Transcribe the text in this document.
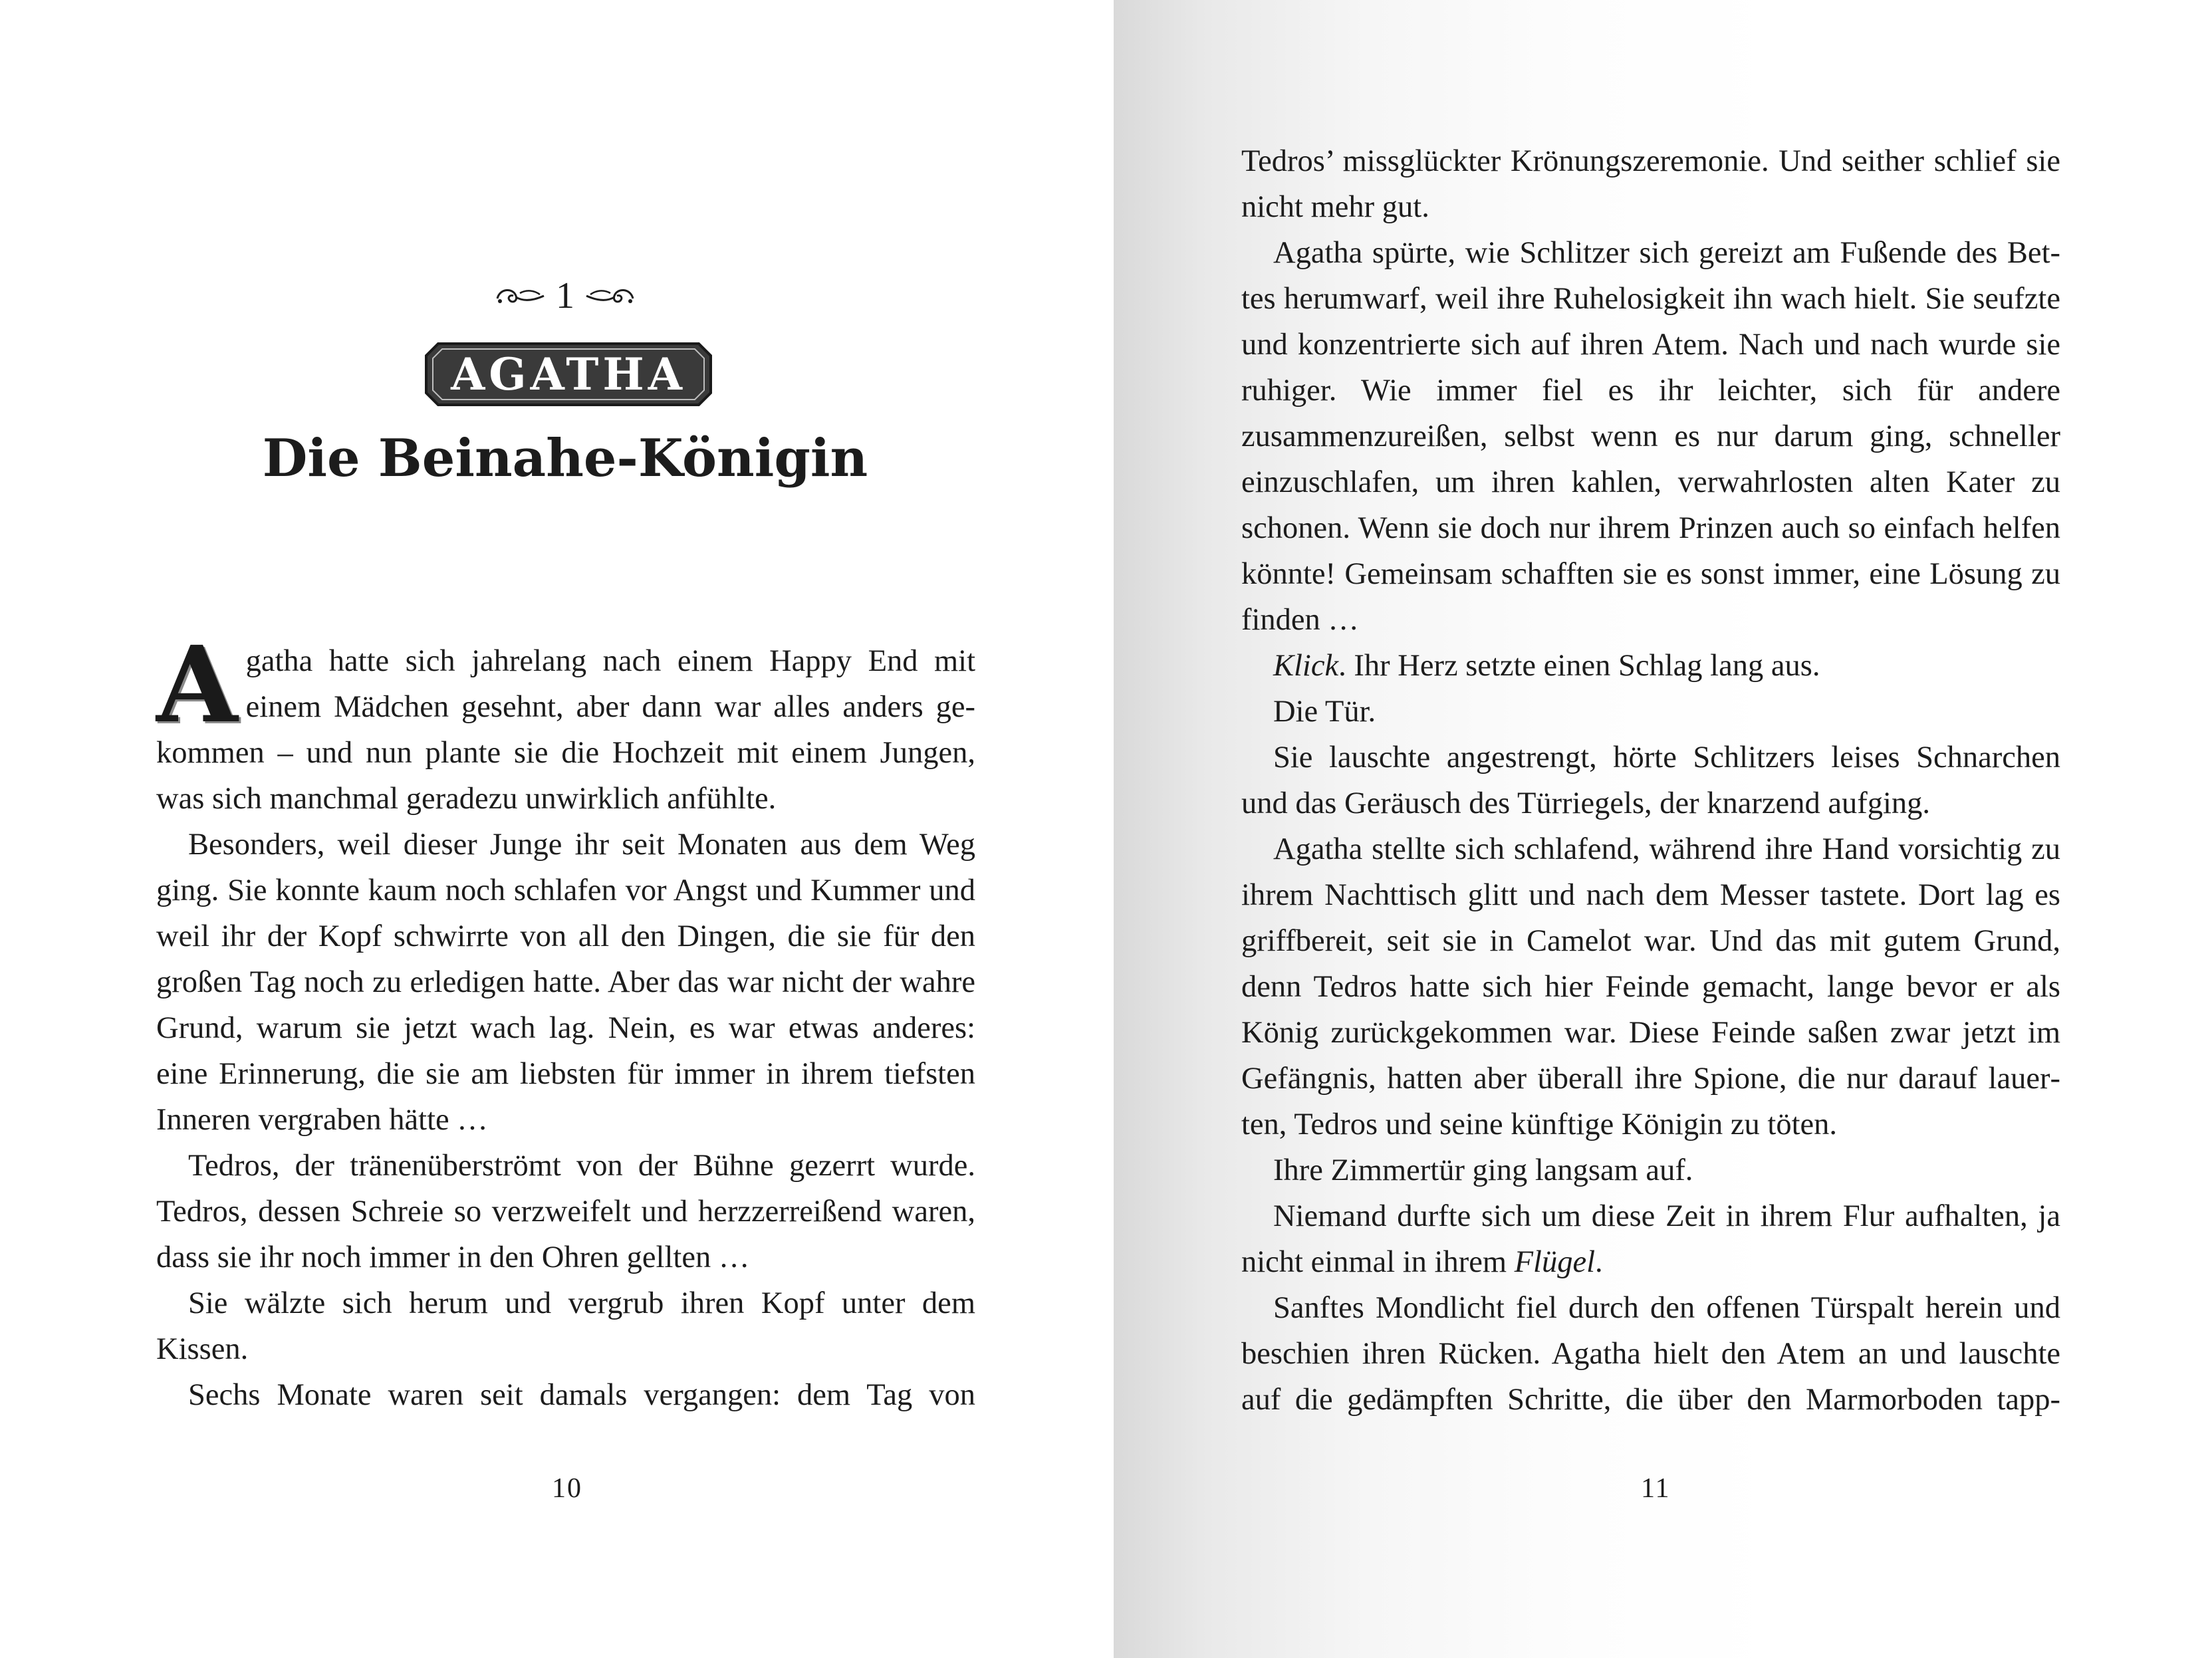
1
AGATHA
Die Beinahe-Königin

Agatha hatte sich jahrelang nach einem Happy End mit einem Mädchen gesehnt, aber dann war alles anders gekommen – und nun plante sie die Hochzeit mit einem Jungen, was sich manchmal geradezu unwirklich anfühlte.

Besonders, weil dieser Junge ihr seit Monaten aus dem Weg ging. Sie konnte kaum noch schlafen vor Angst und Kummer und weil ihr der Kopf schwirrte von all den Dingen, die sie für den großen Tag noch zu erledigen hatte. Aber das war nicht der wahre Grund, warum sie jetzt wach lag. Nein, es war etwas anderes: eine Erinnerung, die sie am liebsten für immer in ihrem tiefsten Inneren vergraben hätte …

Tedros, der tränenüberströmt von der Bühne gezerrt wurde. Tedros, dessen Schreie so verzweifelt und herzzerreißend waren, dass sie ihr noch immer in den Ohren gellten …

Sie wälzte sich herum und vergrub ihren Kopf unter dem Kissen.

Sechs Monate waren seit damals vergangen: dem Tag von

10

Tedros’ missglückter Krönungszeremonie. Und seither schlief sie nicht mehr gut.

Agatha spürte, wie Schlitzer sich gereizt am Fußende des Bettes herumwarf, weil ihre Ruhelosigkeit ihn wach hielt. Sie seufzte und konzentrierte sich auf ihren Atem. Nach und nach wurde sie ruhiger. Wie immer fiel es ihr leichter, sich für andere zusammenzureißen, selbst wenn es nur darum ging, schneller einzuschlafen, um ihren kahlen, verwahrlosten alten Kater zu schonen. Wenn sie doch nur ihrem Prinzen auch so einfach helfen könnte! Gemeinsam schafften sie es sonst immer, eine Lösung zu finden …

Klick. Ihr Herz setzte einen Schlag lang aus.

Die Tür.

Sie lauschte angestrengt, hörte Schlitzers leises Schnarchen und das Geräusch des Türriegels, der knarzend aufging.

Agatha stellte sich schlafend, während ihre Hand vorsichtig zu ihrem Nachttisch glitt und nach dem Messer tastete. Dort lag es griffbereit, seit sie in Camelot war. Und das mit gutem Grund, denn Tedros hatte sich hier Feinde gemacht, lange bevor er als König zurückgekommen war. Diese Feinde saßen zwar jetzt im Gefängnis, hatten aber überall ihre Spione, die nur darauf lauerten, Tedros und seine künftige Königin zu töten.

Ihre Zimmertür ging langsam auf.

Niemand durfte sich um diese Zeit in ihrem Flur aufhalten, ja nicht einmal in ihrem Flügel.

Sanftes Mondlicht fiel durch den offenen Türspalt herein und beschien ihren Rücken. Agatha hielt den Atem an und lauschte auf die gedämpften Schritte, die über den Marmorboden tapp-

11
